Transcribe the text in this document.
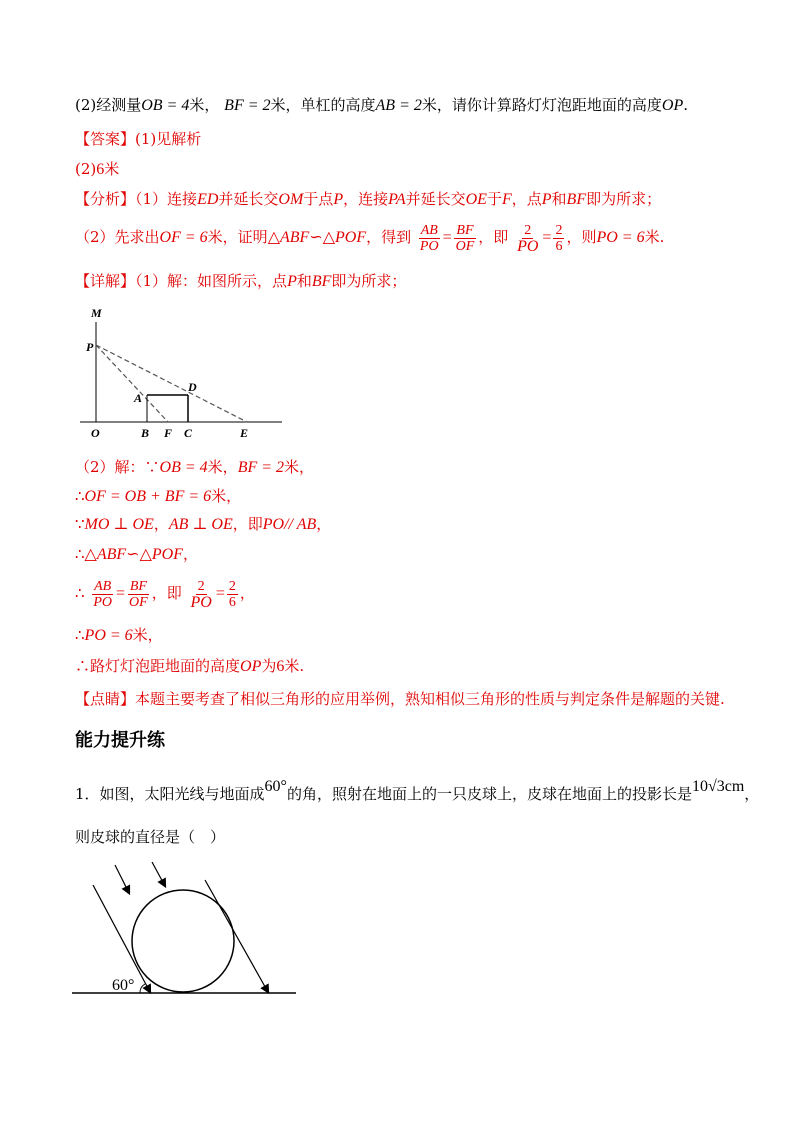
(2)经测量OB = 4米， BF = 2米，单杠的高度AB = 2米，请你计算路灯灯泡距地面的高度OP.
【答案】(1)见解析
(2)6米
【分析】（1）连接ED并延长交OM于点P，连接PA并延长交OE于F，点P和BF即为所求；
（2）先求出OF = 6米，证明△ABF∽△POF，得到 $\frac{AB}{PO} = \frac{BF}{OF}$ ，即 $\frac{2}{PO} = \frac{2}{6}$ ，则PO = 6米.
【详解】（1）解：如图所示，点P和BF即为所求；
M
P
A
D
O	B F C	E
（2）解：∵OB = 4米，BF = 2米，
∴OF = OB + BF = 6米，
∵MO ⊥ OE，AB ⊥ OE，即PO// AB，
∴△ABF∽△POF，
∴ $\frac{AB}{PO} = \frac{BF}{OF}$ ，即 $\frac{2}{PO} = \frac{2}{6}$ ，
∴PO = 6米，
∴路灯灯泡距地面的高度OP为6米.
【点睛】本题主要考查了相似三角形的应用举例，熟知相似三角形的性质与判定条件是解题的关键.
能力提升练
1．如图，太阳光线与地面成60°的角，照射在地面上的一只皮球上，皮球在地面上的投影长是10√3cm，
则皮球的直径是（　）
60°
